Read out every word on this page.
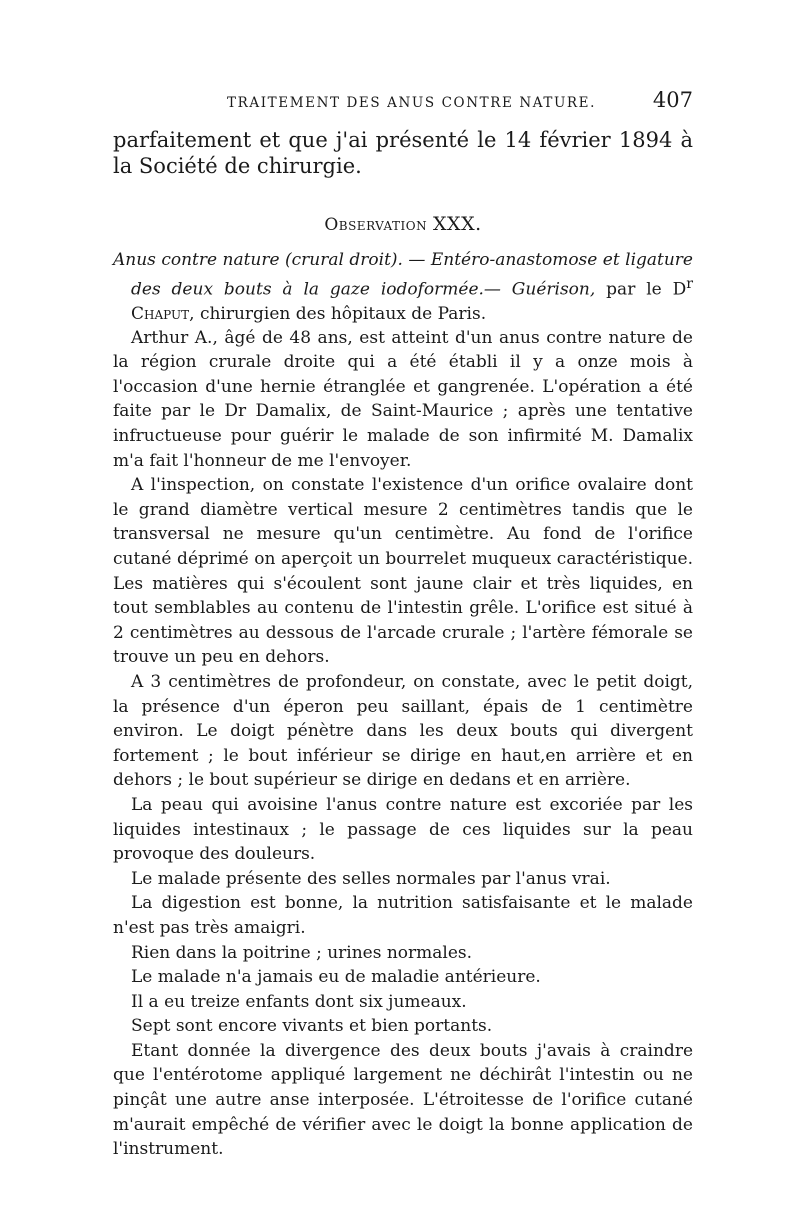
TRAITEMENT DES ANUS CONTRE NATURE.	407

parfaitement et que j'ai présenté le 14 février 1894 à la Société de chirurgie.

Observation XXX.

Anus contre nature (crural droit). — Entéro-anastomose et ligature des deux bouts à la gaze iodoformée.— Guérison, par le $D^r$ Chaput, chirurgien des hôpitaux de Paris.

Arthur A., âgé de 48 ans, est atteint d'un anus contre nature de la région crurale droite qui a été établi il y a onze mois à l'occasion d'une hernie étranglée et gangrenée. L'opération a été faite par le Dr Damalix, de Saint-Maurice ; après une tentative infructueuse pour guérir le malade de son infirmité M. Damalix m'a fait l'honneur de me l'envoyer.

A l'inspection, on constate l'existence d'un orifice ovalaire dont le grand diamètre vertical mesure 2 centimètres tandis que le transversal ne mesure qu'un centimètre. Au fond de l'orifice cutané déprimé on aperçoit un bourrelet muqueux caractéristique. Les matières qui s'écoulent sont jaune clair et très liquides, en tout semblables au contenu de l'intestin grêle. L'orifice est situé à 2 centimètres au dessous de l'arcade crurale ; l'artère fémorale se trouve un peu en dehors.

A 3 centimètres de profondeur, on constate, avec le petit doigt, la présence d'un éperon peu saillant, épais de 1 centimètre environ. Le doigt pénètre dans les deux bouts qui divergent fortement ; le bout inférieur se dirige en haut,en arrière et en dehors ; le bout supérieur se dirige en dedans et en arrière.

La peau qui avoisine l'anus contre nature est excoriée par les liquides intestinaux ; le passage de ces liquides sur la peau provoque des douleurs.

Le malade présente des selles normales par l'anus vrai.

La digestion est bonne, la nutrition satisfaisante et le malade n'est pas très amaigri.

Rien dans la poitrine ; urines normales.

Le malade n'a jamais eu de maladie antérieure.

Il a eu treize enfants dont six jumeaux.

Sept sont encore vivants et bien portants.

Etant donnée la divergence des deux bouts j'avais à craindre que l'entérotome appliqué largement ne déchirât l'intestin ou ne pinçât une autre anse interposée. L'étroitesse de l'orifice cutané m'aurait empêché de vérifier avec le doigt la bonne application de l'instrument.
